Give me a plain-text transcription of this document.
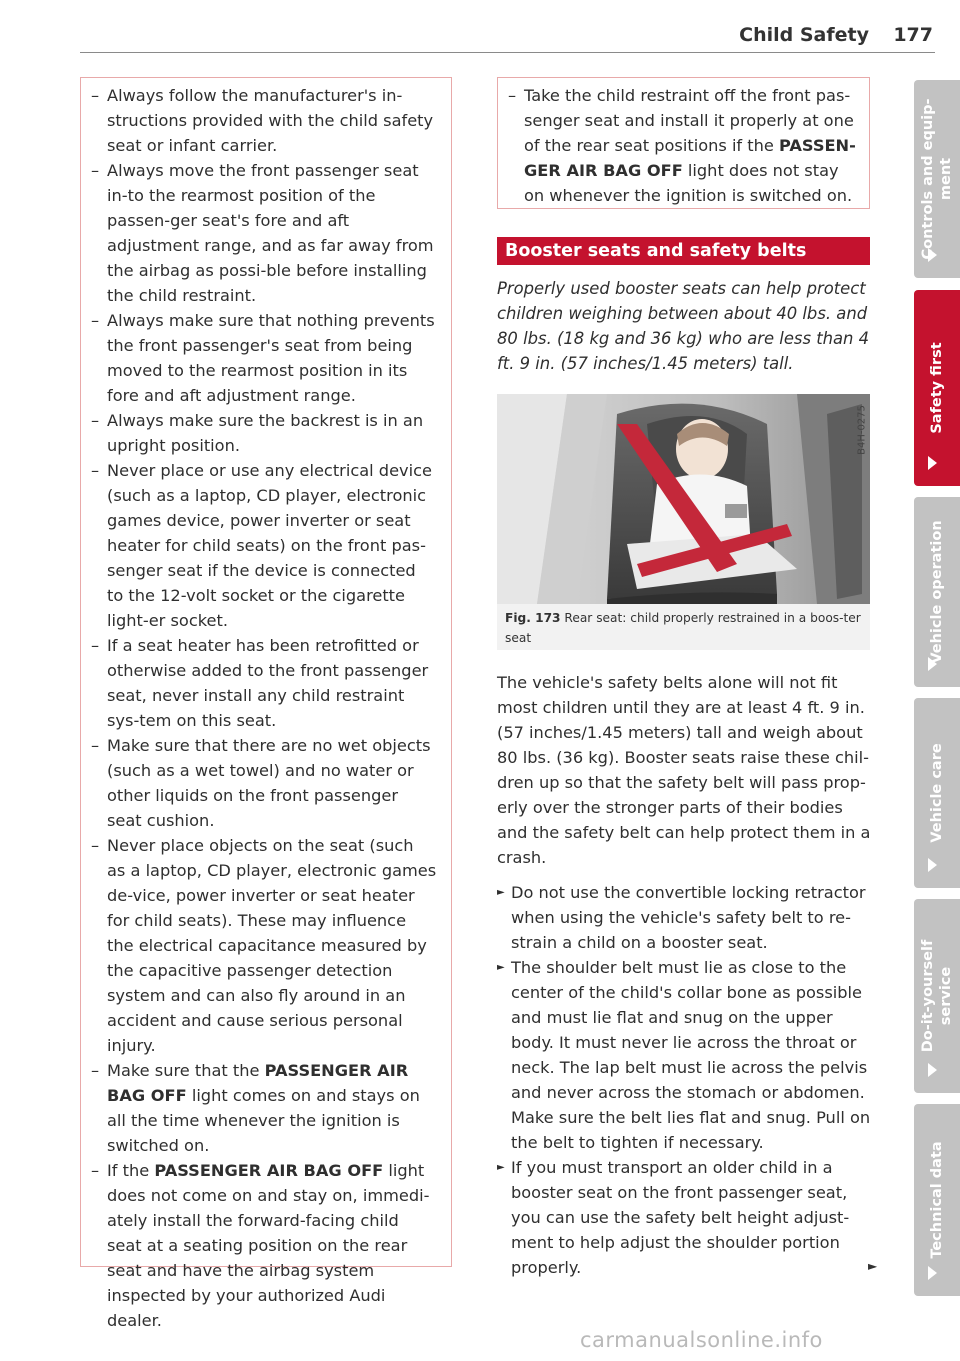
Child Safety 177
– Always follow the manufacturer's in-structions provided with the child safety seat or infant carrier.
– Always move the front passenger seat in-to the rearmost position of the passen-ger seat's fore and aft adjustment range, and as far away from the airbag as possi-ble before installing the child restraint.
– Always make sure that nothing prevents the front passenger's seat from being moved to the rearmost position in its fore and aft adjustment range.
– Always make sure the backrest is in an upright position.
– Never place or use any electrical device (such as a laptop, CD player, electronic games device, power inverter or seat heater for child seats) on the front pas-senger seat if the device is connected to the 12-volt socket or the cigarette light-er socket.
– If a seat heater has been retrofitted or otherwise added to the front passenger seat, never install any child restraint sys-tem on this seat.
– Make sure that there are no wet objects (such as a wet towel) and no water or other liquids on the front passenger seat cushion.
– Never place objects on the seat (such as a laptop, CD player, electronic games de-vice, power inverter or seat heater for child seats). These may influence the electrical capacitance measured by the capacitive passenger detection system and can also fly around in an accident and cause serious personal injury.
– Make sure that the PASSENGER AIR BAG OFF light comes on and stays on all the time whenever the ignition is switched on.
– If the PASSENGER AIR BAG OFF light does not come on and stay on, immedi-ately install the forward-facing child seat at a seating position on the rear seat and have the airbag system inspected by your authorized Audi dealer.
– Take the child restraint off the front pas-senger seat and install it properly at one of the rear seat positions if the PASSEN-GER AIR BAG OFF light does not stay on whenever the ignition is switched on.
Booster seats and safety belts
Properly used booster seats can help protect children weighing between about 40 lbs. and 80 lbs. (18 kg and 36 kg) who are less than 4 ft. 9 in. (57 inches/1.45 meters) tall.
Fig. 173 Rear seat: child properly restrained in a boos-ter seat
B4H-0275
The vehicle's safety belts alone will not fit most children until they are at least 4 ft. 9 in. (57 inches/1.45 meters) tall and weigh about 80 lbs. (36 kg). Booster seats raise these chil-dren up so that the safety belt will pass prop-erly over the stronger parts of their bodies and the safety belt can help protect them in a crash.
► Do not use the convertible locking retractor when using the vehicle's safety belt to re-strain a child on a booster seat.
► The shoulder belt must lie as close to the center of the child's collar bone as possible and must lie flat and snug on the upper body. It must never lie across the throat or neck. The lap belt must lie across the pelvis and never across the stomach or abdomen. Make sure the belt lies flat and snug. Pull on the belt to tighten if necessary.
► If you must transport an older child in a booster seat on the front passenger seat, you can use the safety belt height adjust-ment to help adjust the shoulder portion properly.	►
Controls and equip- ment
Safety first
Vehicle operation
Vehicle care
Do-it-yourself service
Technical data
carmanualsonline.info
